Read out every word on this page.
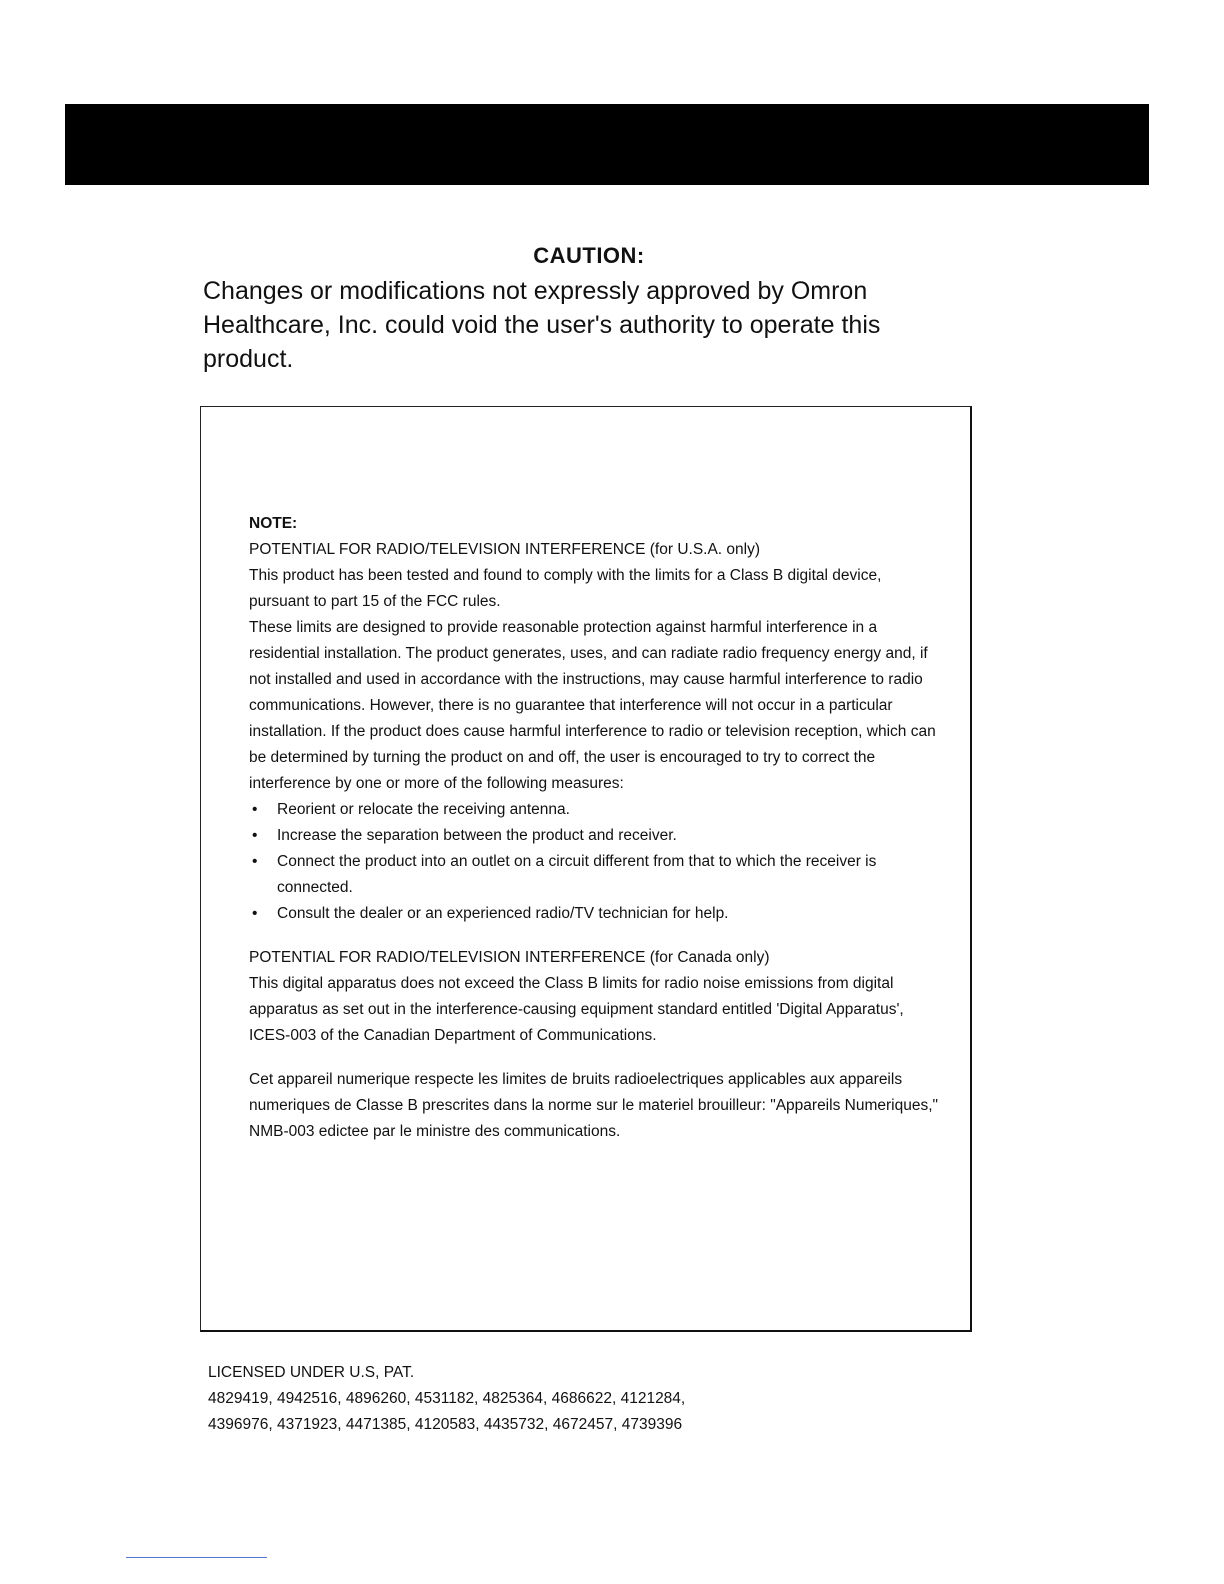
CAUTION:

Changes or modifications not expressly approved by Omron Healthcare, Inc. could void the user's authority to operate this product.

NOTE:

POTENTIAL FOR RADIO/TELEVISION INTERFERENCE (for U.S.A. only)

This product has been tested and found to comply with the limits for a Class B digital device, pursuant to part 15 of the FCC rules.

These limits are designed to provide reasonable protection against harmful interference in a residential installation. The product generates, uses, and can radiate radio frequency energy and, if not installed and used in accordance with the instructions, may cause harmful interference to radio communications. However, there is no guarantee that interference will not occur in a particular installation. If the product does cause harmful interference to radio or television reception, which can be determined by turning the product on and off, the user is encouraged to try to correct the interference by one or more of the following measures:

• Reorient or relocate the receiving antenna.
• Increase the separation between the product and receiver.
• Connect the product into an outlet on a circuit different from that to which the receiver is connected.
• Consult the dealer or an experienced radio/TV technician for help.

POTENTIAL FOR RADIO/TELEVISION INTERFERENCE (for Canada only)

This digital apparatus does not exceed the Class B limits for radio noise emissions from digital apparatus as set out in the interference-causing equipment standard entitled 'Digital Apparatus', ICES-003 of the Canadian Department of Communications.

Cet appareil numerique respecte les limites de bruits radioelectriques applicables aux appareils numeriques de Classe B prescrites dans la norme sur le materiel brouilleur: "Appareils Numeriques," NMB-003 edictee par le ministre des communications.

LICENSED UNDER U.S, PAT.

4829419, 4942516, 4896260, 4531182, 4825364, 4686622, 4121284,

4396976, 4371923, 4471385, 4120583, 4435732, 4672457, 4739396
